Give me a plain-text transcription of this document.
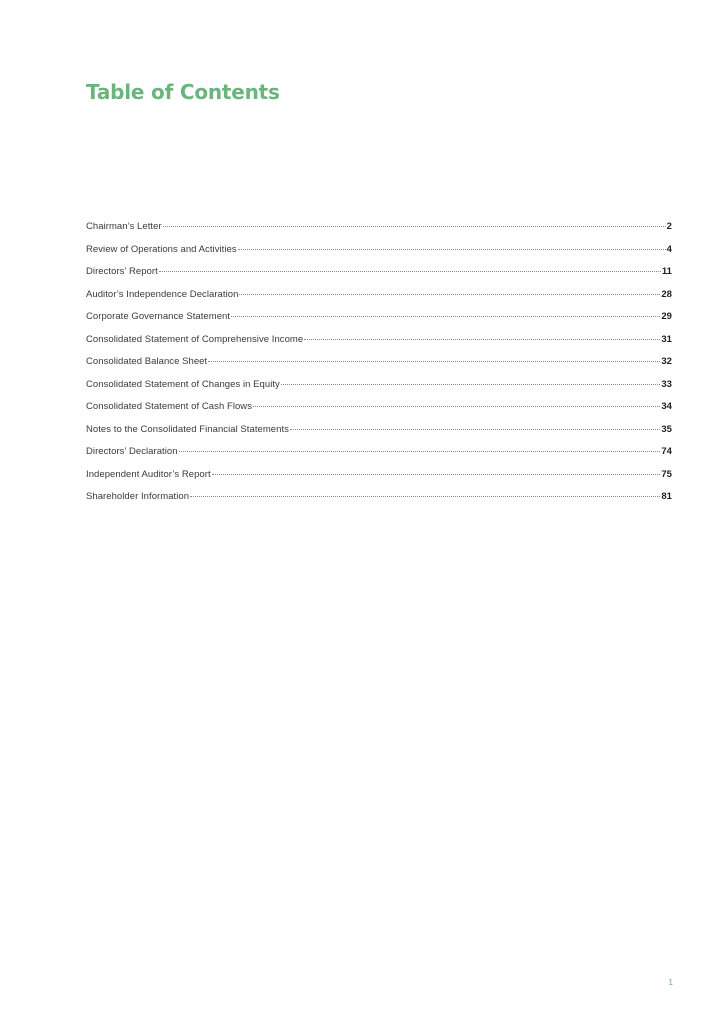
Table of Contents
Chairman’s Letter	2
Review of Operations and Activities	4
Directors’ Report	11
Auditor’s Independence Declaration	28
Corporate Governance Statement	29
Consolidated Statement of Comprehensive Income	31
Consolidated Balance Sheet	32
Consolidated Statement of Changes in Equity	33
Consolidated Statement of Cash Flows	34
Notes to the Consolidated Financial Statements	35
Directors’ Declaration	74
Independent Auditor’s Report	75
Shareholder Information	81
1
